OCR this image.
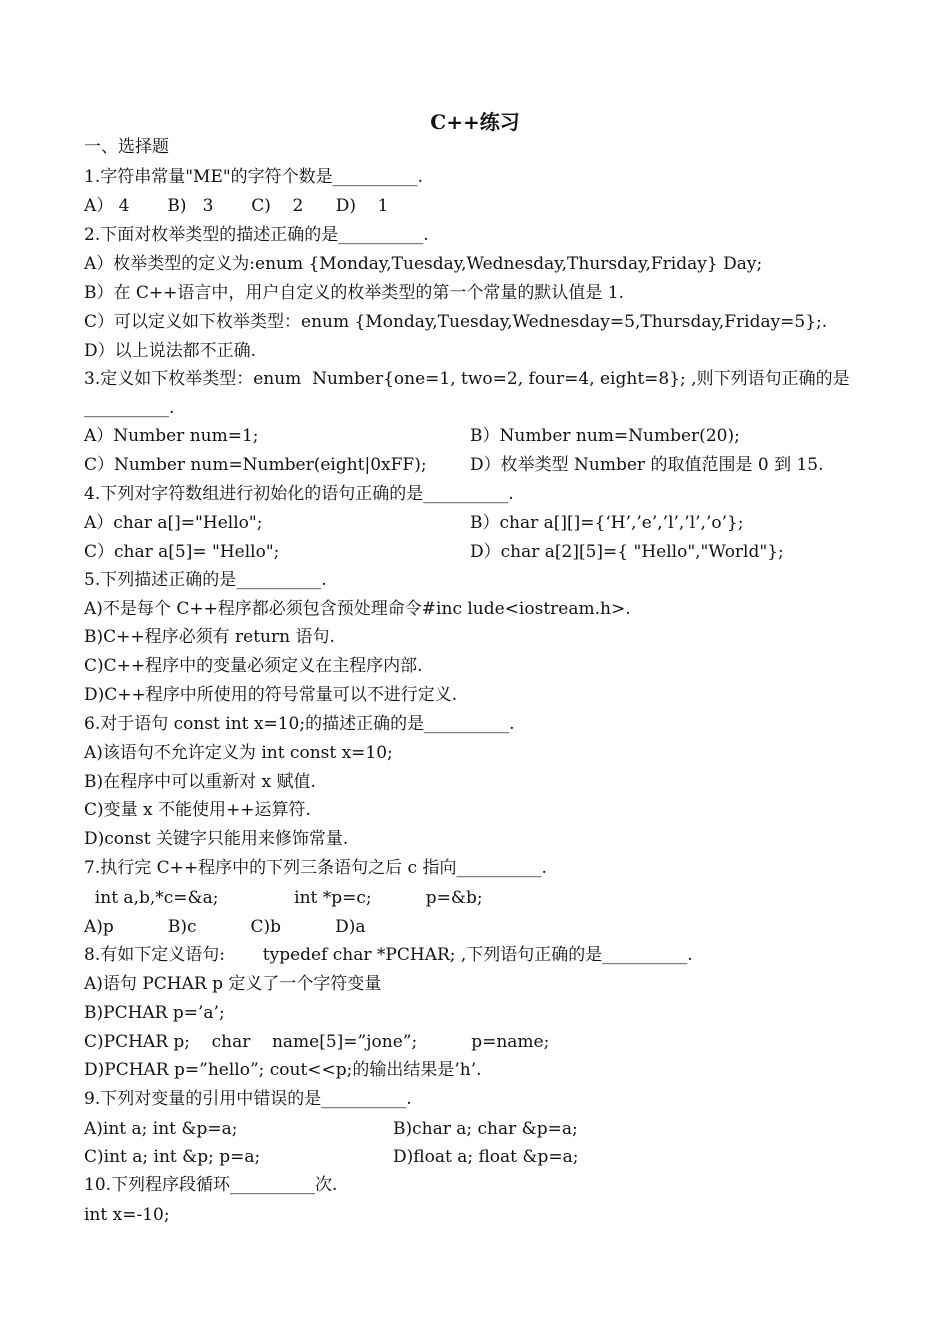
C++练习
一、选择题
1.字符串常量"ME"的字符个数是__________.
A） 4       B)   3       C)    2      D)    1
2.下面对枚举类型的描述正确的是__________.
A）枚举类型的定义为:enum {Monday,Tuesday,Wednesday,Thursday,Friday} Day;
B）在 C++语言中，用户自定义的枚举类型的第一个常量的默认值是 1.
C）可以定义如下枚举类型：enum {Monday,Tuesday,Wednesday=5,Thursday,Friday=5};.
D）以上说法都不正确.
3.定义如下枚举类型：enum  Number{one=1, two=2, four=4, eight=8}; ,则下列语句正确的是
__________.
A）Number num=1;	B）Number num=Number(20);
C）Number num=Number(eight|0xFF);	D）枚举类型 Number 的取值范围是 0 到 15.
4.下列对字符数组进行初始化的语句正确的是__________.
A）char a[]="Hello";	B）char a[][]={‘H’,’e’,’l’,’l’,’o’};
C）char a[5]= "Hello";	D）char a[2][5]={ "Hello","World"};
5.下列描述正确的是__________.
A)不是每个 C++程序都必须包含预处理命令#inc lude<iostream.h>.
B)C++程序必须有 return 语句.
C)C++程序中的变量必须定义在主程序内部.
D)C++程序中所使用的符号常量可以不进行定义.
6.对于语句 const int x=10;的描述正确的是__________.
A)该语句不允许定义为 int const x=10;
B)在程序中可以重新对 x 赋值.
C)变量 x 不能使用++运算符.
D)const 关键字只能用来修饰常量.
7.执行完 C++程序中的下列三条语句之后 c 指向__________.
int a,b,*c=&a;              int *p=c;          p=&b;
A)p          B)c          C)b          D)a
8.有如下定义语句:       typedef char *PCHAR; ,下列语句正确的是__________.
A)语句 PCHAR p 定义了一个字符变量
B)PCHAR p=’a’;
C)PCHAR p;    char    name[5]=”jone”;          p=name;
D)PCHAR p=”hello”; cout<<p;的输出结果是’h’.
9.下列对变量的引用中错误的是__________.
A)int a; int &p=a;	B)char a; char &p=a;
C)int a; int &p; p=a;	D)float a; float &p=a;
10.下列程序段循环__________次.
int x=-10;
